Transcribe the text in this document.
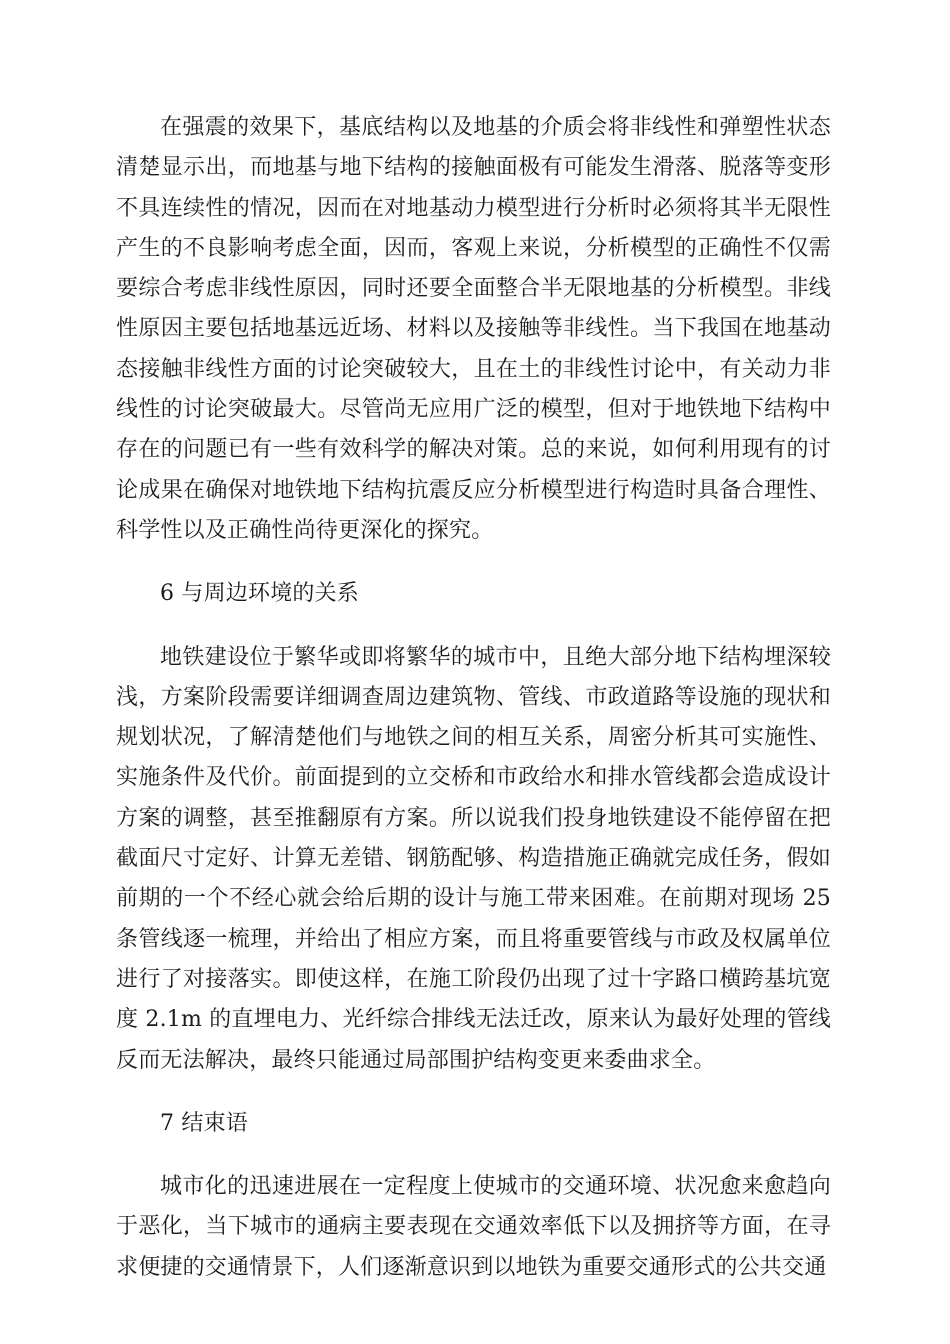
在强震的效果下，基底结构以及地基的介质会将非线性和弹塑性状态清楚显示出，而地基与地下结构的接触面极有可能发生滑落、脱落等变形不具连续性的情况，因而在对地基动力模型进行分析时必须将其半无限性产生的不良影响考虑全面，因而，客观上来说，分析模型的正确性不仅需要综合考虑非线性原因，同时还要全面整合半无限地基的分析模型。非线性原因主要包括地基远近场、材料以及接触等非线性。当下我国在地基动态接触非线性方面的讨论突破较大，且在土的非线性讨论中，有关动力非线性的讨论突破最大。尽管尚无应用广泛的模型，但对于地铁地下结构中存在的问题已有一些有效科学的解决对策。总的来说，如何利用现有的讨论成果在确保对地铁地下结构抗震反应分析模型进行构造时具备合理性、科学性以及正确性尚待更深化的探究。

6 与周边环境的关系

地铁建设位于繁华或即将繁华的城市中，且绝大部分地下结构埋深较浅，方案阶段需要详细调查周边建筑物、管线、市政道路等设施的现状和规划状况，了解清楚他们与地铁之间的相互关系，周密分析其可实施性、实施条件及代价。前面提到的立交桥和市政给水和排水管线都会造成设计方案的调整，甚至推翻原有方案。所以说我们投身地铁建设不能停留在把截面尺寸定好、计算无差错、钢筋配够、构造措施正确就完成任务，假如前期的一个不经心就会给后期的设计与施工带来困难。在前期对现场 25 条管线逐一梳理，并给出了相应方案，而且将重要管线与市政及权属单位进行了对接落实。即使这样，在施工阶段仍出现了过十字路口横跨基坑宽度 2.1m 的直埋电力、光纤综合排线无法迁改，原来认为最好处理的管线反而无法解决，最终只能通过局部围护结构变更来委曲求全。

7 结束语

城市化的迅速进展在一定程度上使城市的交通环境、状况愈来愈趋向于恶化，当下城市的通病主要表现在交通效率低下以及拥挤等方面，在寻求便捷的交通情景下，人们逐渐意识到以地铁为重要交通形式的公共交通
